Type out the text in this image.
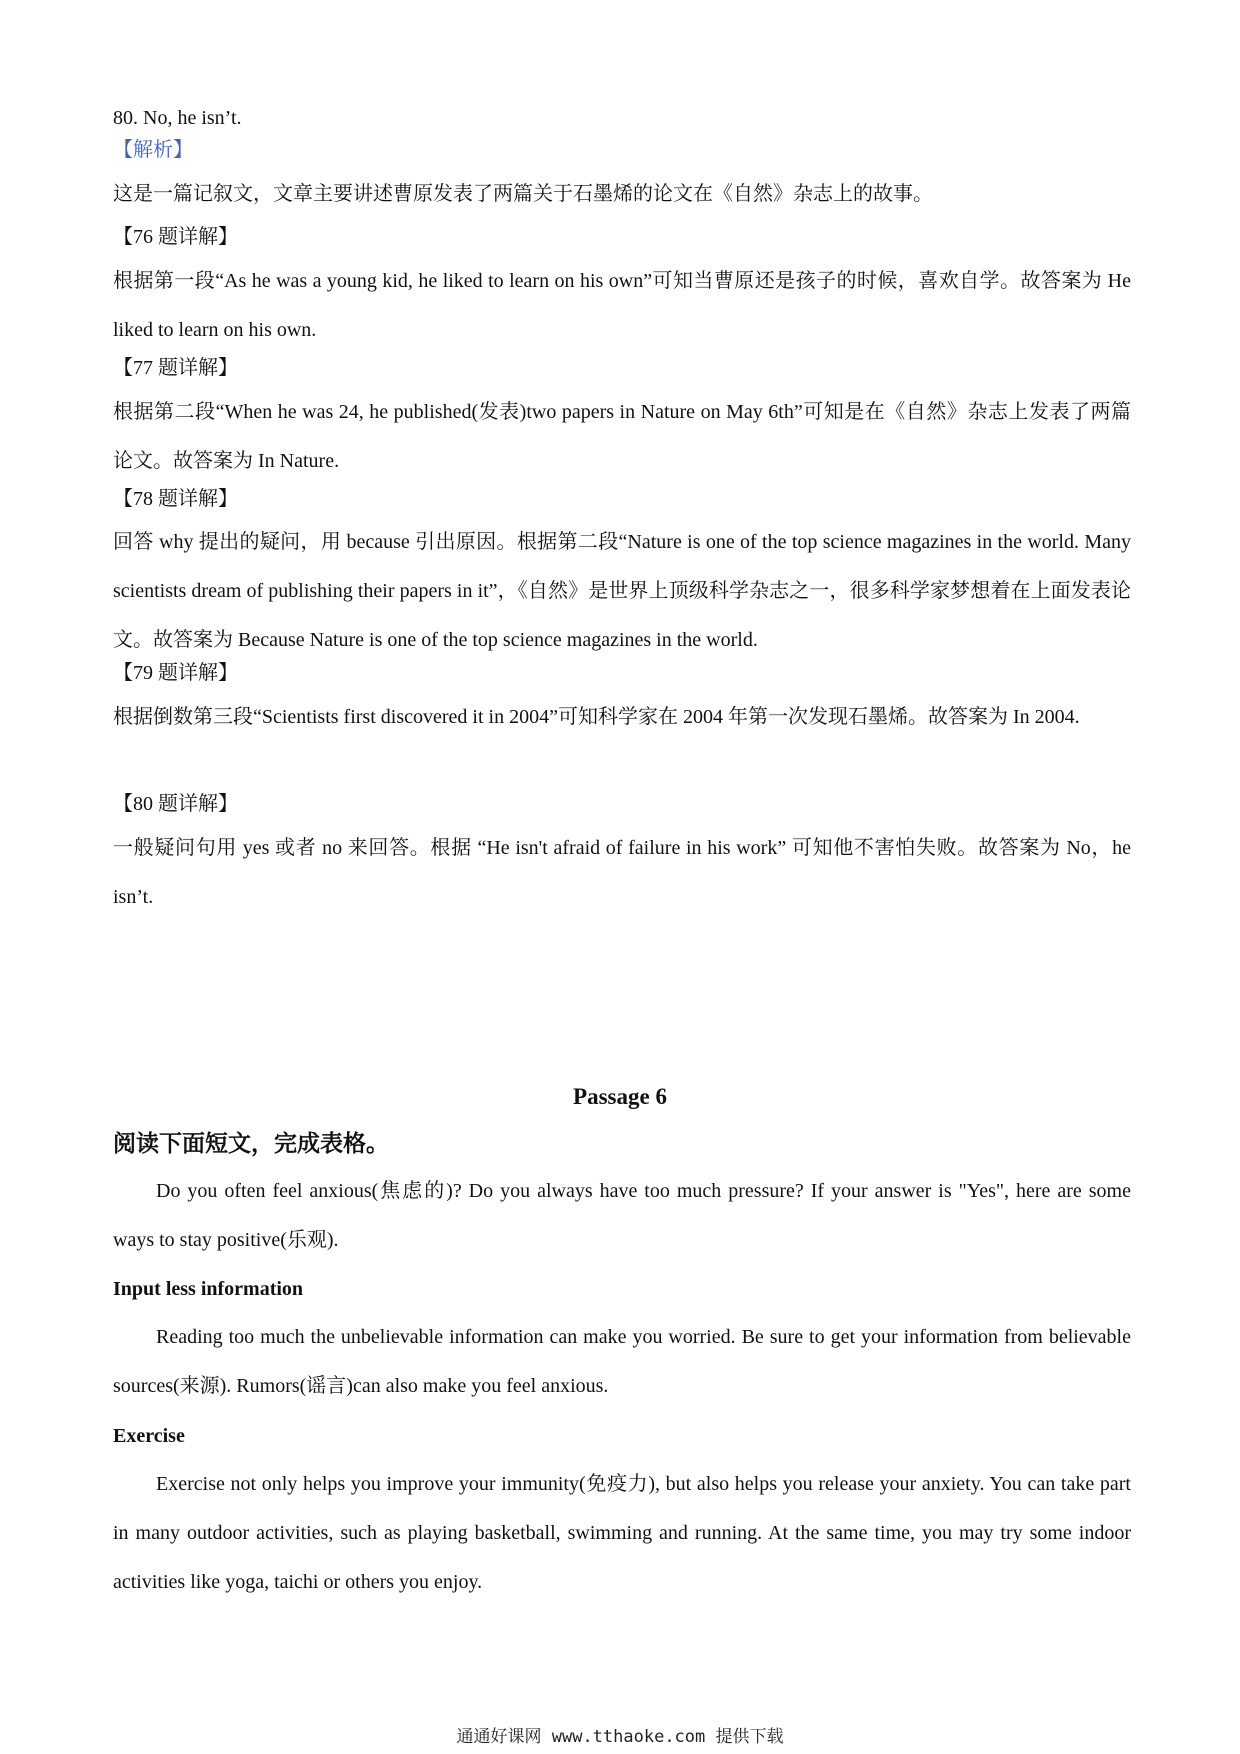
80. No, he isn’t.

【解析】

这是一篇记叙文，文章主要讲述曹原发表了两篇关于石墨烯的论文在《自然》杂志上的故事。

【76 题详解】

根据第一段“As he was a young kid, he liked to learn on his own”可知当曹原还是孩子的时候，喜欢自学。故答案为 He liked to learn on his own.

【77 题详解】

根据第二段“When he was 24, he published(发表)two papers in Nature on May 6th”可知是在《自然》杂志上发表了两篇论文。故答案为 In Nature.

【78 题详解】

回答 why 提出的疑问，用 because 引出原因。根据第二段“Nature is one of the top science magazines in the world. Many scientists dream of publishing their papers in it”，《自然》是世界上顶级科学杂志之一，很多科学家梦想着在上面发表论文。故答案为 Because Nature is one of the top science magazines in the world.

【79 题详解】

根据倒数第三段“Scientists first discovered it in 2004”可知科学家在 2004 年第一次发现石墨烯。故答案为 In 2004.

【80 题详解】

一般疑问句用 yes 或者 no 来回答。根据 “He isn't afraid of failure in his work” 可知他不害怕失败。故答案为 No，he isn’t.

Passage 6

阅读下面短文，完成表格。

Do you often feel anxious(焦虑的)? Do you always have too much pressure? If your answer is "Yes", here are some ways to stay positive(乐观).

Input less information

Reading too much the unbelievable information can make you worried. Be sure to get your information from believable sources(来源). Rumors(谣言)can also make you feel anxious.

Exercise

Exercise not only helps you improve your immunity(免疫力), but also helps you release your anxiety. You can take part in many outdoor activities, such as playing basketball, swimming and running. At the same time, you may try some indoor activities like yoga, taichi or others you enjoy.

通通好课网 www.tthaoke.com 提供下载
